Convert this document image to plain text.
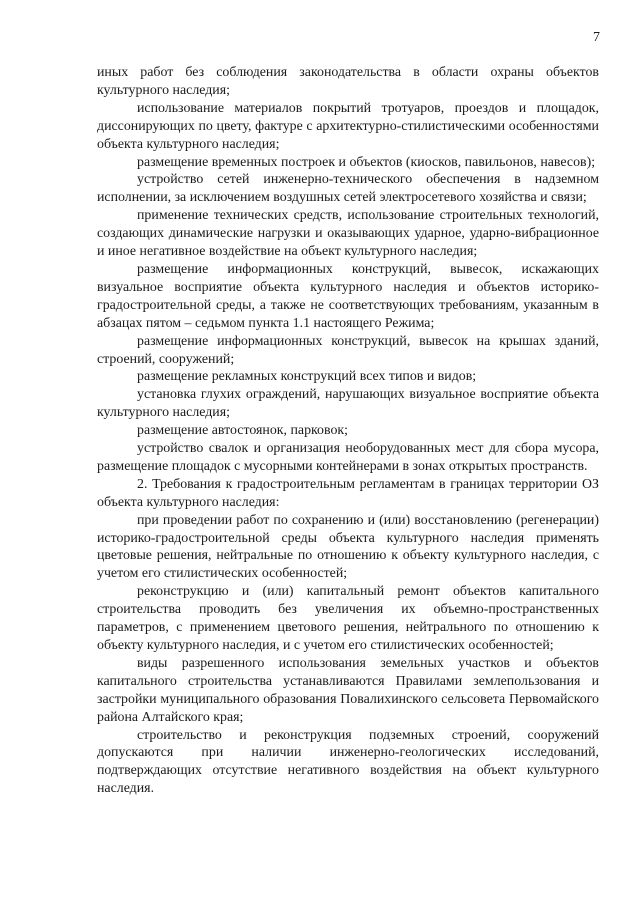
7

иных работ без соблюдения законодательства в области охраны объектов культурного наследия;

использование материалов покрытий тротуаров, проездов и площадок, диссонирующих по цвету, фактуре с архитектурно-стилистическими особенностями объекта культурного наследия;

размещение временных построек и объектов (киосков, павильонов, навесов);

устройство сетей инженерно-технического обеспечения в надземном исполнении, за исключением воздушных сетей электросетевого хозяйства и связи;

применение технических средств, использование строительных технологий, создающих динамические нагрузки и оказывающих ударное, ударно-вибрационное и иное негативное воздействие на объект культурного наследия;

размещение информационных конструкций, вывесок, искажающих визуальное восприятие объекта культурного наследия и объектов историко-градостроительной среды, а также не соответствующих требованиям, указанным в абзацах пятом – седьмом пункта 1.1 настоящего Режима;

размещение информационных конструкций, вывесок на крышах зданий, строений, сооружений;

размещение рекламных конструкций всех типов и видов;

установка глухих ограждений, нарушающих визуальное восприятие объекта культурного наследия;

размещение автостоянок, парковок;

устройство свалок и организация необорудованных мест для сбора мусора, размещение площадок с мусорными контейнерами в зонах открытых пространств.

2. Требования к градостроительным регламентам в границах территории ОЗ объекта культурного наследия:

при проведении работ по сохранению и (или) восстановлению (регенерации) историко-градостроительной среды объекта культурного наследия применять цветовые решения, нейтральные по отношению к объекту культурного наследия, с учетом его стилистических особенностей;

реконструкцию и (или) капитальный ремонт объектов капитального строительства проводить без увеличения их объемно-пространственных параметров, с применением цветового решения, нейтрального по отношению к объекту культурного наследия, и с учетом его стилистических особенностей;

виды разрешенного использования земельных участков и объектов капитального строительства устанавливаются Правилами землепользования и застройки муниципального образования Повалихинского сельсовета Первомайского района Алтайского края;

строительство и реконструкция подземных строений, сооружений допускаются при наличии инженерно-геологических исследований, подтверждающих отсутствие негативного воздействия на объект культурного наследия.
